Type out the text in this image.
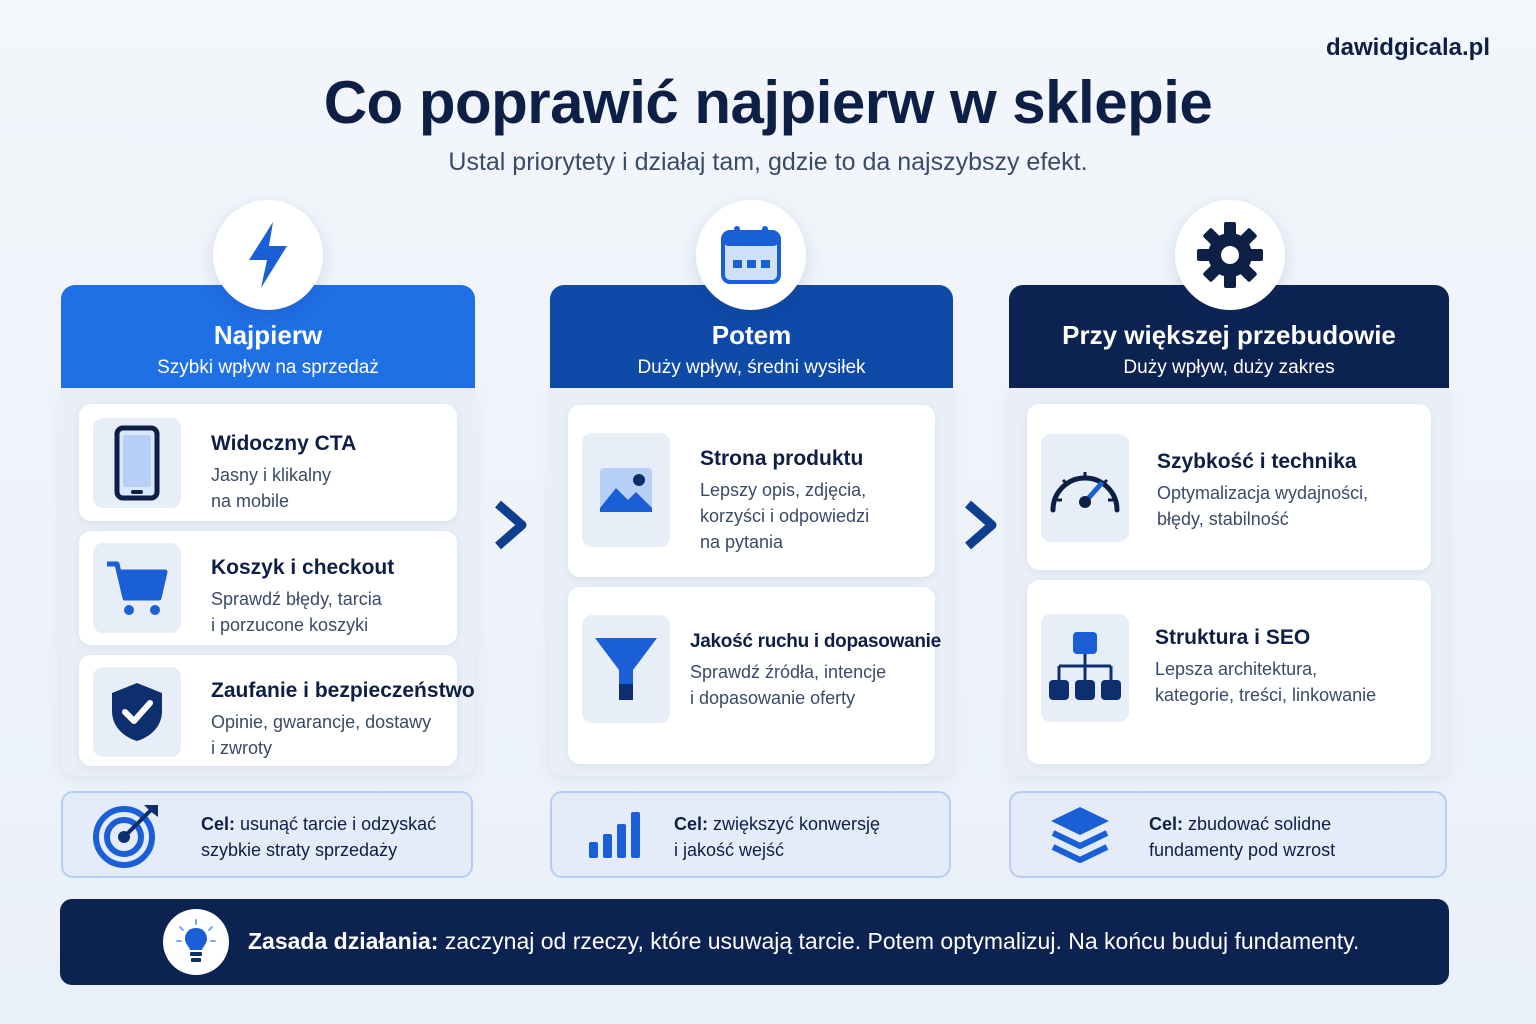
dawidgicala.pl
Co poprawić najpierw w sklepie
Ustal priorytety i działaj tam, gdzie to da najszybszy efekt.
Najpierw
Szybki wpływ na sprzedaż
Widoczny CTA
Jasny i klikalny
na mobile
Koszyk i checkout
Sprawdź błędy, tarcia
i porzucone koszyki
Zaufanie i bezpieczeństwo
Opinie, gwarancje, dostawy
i zwroty
Potem
Duży wpływ, średni wysiłek
Strona produktu
Lepszy opis, zdjęcia,
korzyści i odpowiedzi
na pytania
Jakość ruchu i dopasowanie
Sprawdź źródła, intencje
i dopasowanie oferty
Przy większej przebudowie
Duży wpływ, duży zakres
Szybkość i technika
Optymalizacja wydajności,
błędy, stabilność
Struktura i SEO
Lepsza architektura,
kategorie, treści, linkowanie
Cel: usunąć tarcie i odzyskać
szybkie straty sprzedaży
Cel: zwiększyć konwersję
i jakość wejść
Cel: zbudować solidne
fundamenty pod wzrost
Zasada działania: zaczynaj od rzeczy, które usuwają tarcie. Potem optymalizuj. Na końcu buduj fundamenty.
